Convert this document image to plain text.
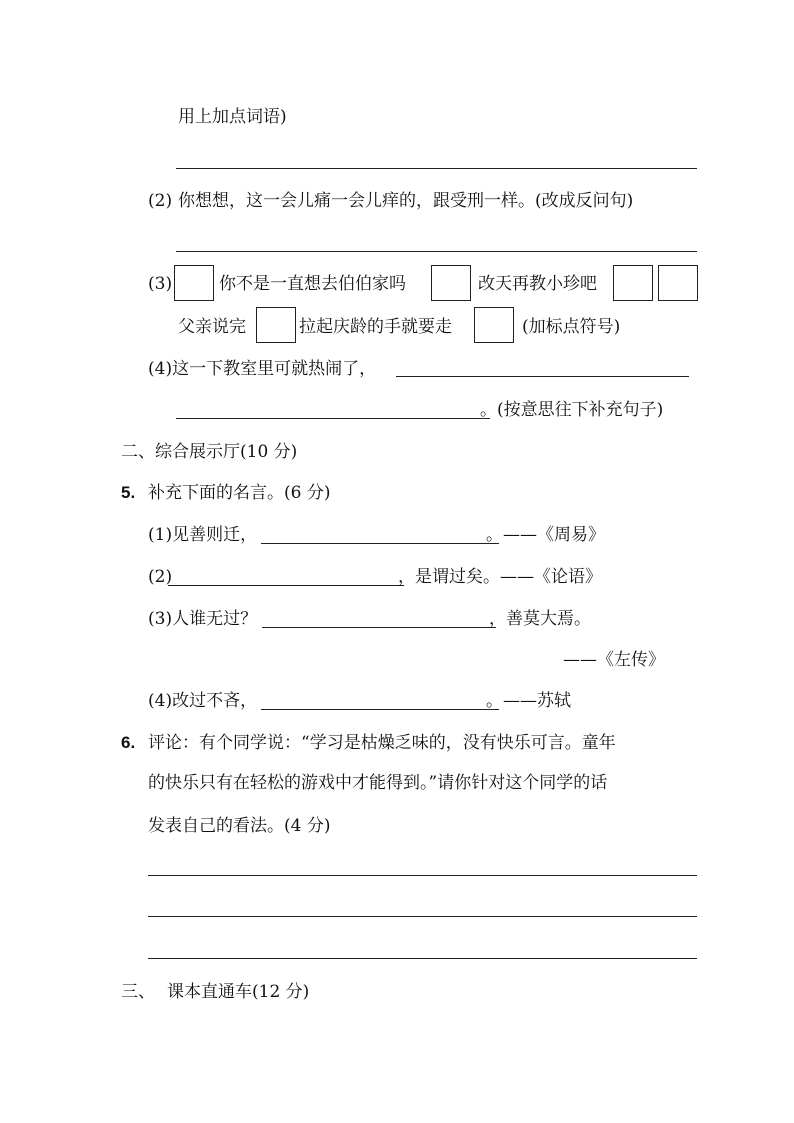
用上加点词语)
(2) 你想想，这一会儿痛一会儿痒的，跟受刑一样。(改成反问句)
(3)	你不是一直想去伯伯家吗	改天再教小珍吧
父亲说完	拉起庆龄的手就要走	(加标点符号)
(4)这一下教室里可就热闹了，
。(按意思往下补充句子)
二、综合展示厅(10 分)
5. 补充下面的名言。(6 分)
(1)见善则迁，	。——《周易》
(2)	，是谓过矣。——《论语》
(3)人谁无过？	，善莫大焉。
——《左传》
(4)改过不吝，	。——苏轼
6. 评论：有个同学说：“学习是枯燥乏味的，没有快乐可言。童年
的快乐只有在轻松的游戏中才能得到。”请你针对这个同学的话
发表自己的看法。(4 分)
三、 课本直通车(12 分)
